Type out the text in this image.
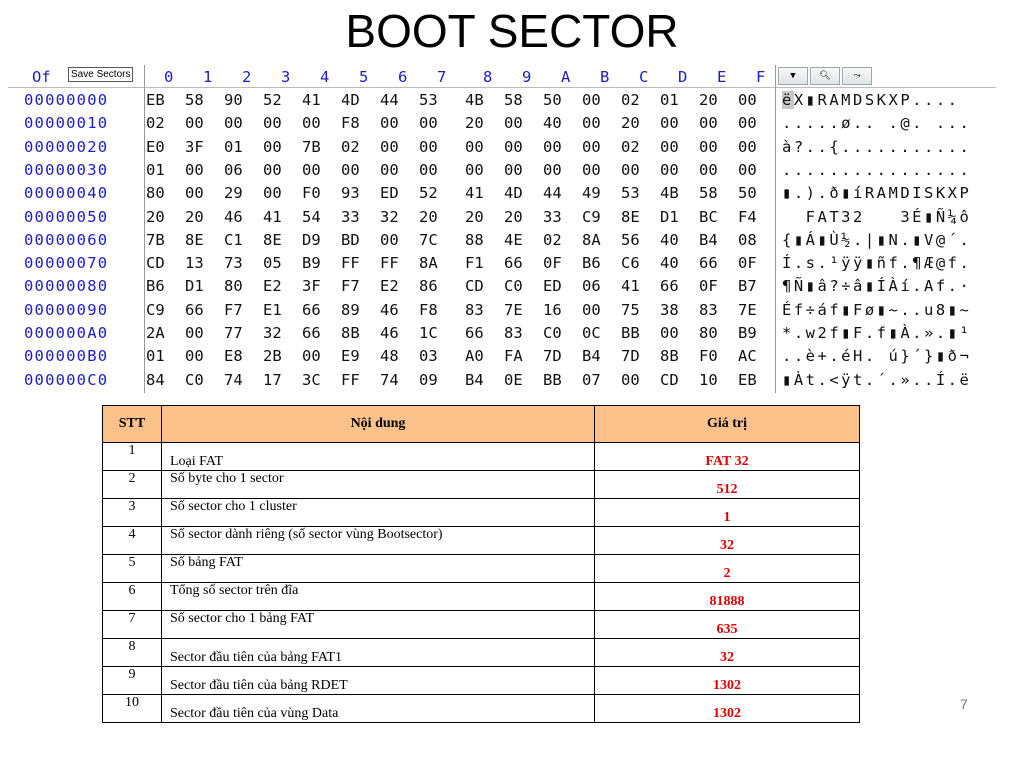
BOOT SECTOR
Of	Save Sectors 0 1 2 3 4 5 6 7 8 9 A B C D E F	▼	🔍︎	⤳
00000000 EB 58 90 52 41 4D 44 53 4B 58 50 00 02 01 20 00 ëX▮RAMDSKXP....
00000010 02 00 00 00 00 F8 00 00 20 00 40 00 20 00 00 00 .....ø.. .@. ...
00000020 E0 3F 01 00 7B 02 00 00 00 00 00 00 02 00 00 00 à?..{...........
00000030 01 00 06 00 00 00 00 00 00 00 00 00 00 00 00 00 ................
00000040 80 00 29 00 F0 93 ED 52 41 4D 44 49 53 4B 58 50 ▮.).ð▮íRAMDISKXP
00000050 20 20 46 41 54 33 32 20 20 20 33 C9 8E D1 BC F4 FAT32   3É▮Ñ¼ô
00000060 7B 8E C1 8E D9 BD 00 7C 88 4E 02 8A 56 40 B4 08 {▮Á▮Ù½.|▮N.▮V@´.
00000070 CD 13 73 05 B9 FF FF 8A F1 66 0F B6 C6 40 66 0F Í.s.¹ÿÿ▮ñf.¶Æ@f.
00000080 B6 D1 80 E2 3F F7 E2 86 CD C0 ED 06 41 66 0F B7 ¶Ñ▮â?÷â▮ÍÀí.Af.·
00000090 C9 66 F7 E1 66 89 46 F8 83 7E 16 00 75 38 83 7E Éf÷áf▮Fø▮~..u8▮~
000000A0 2A 00 77 32 66 8B 46 1C 66 83 C0 0C BB 00 80 B9 *.w2f▮F.f▮À.».▮¹
000000B0 01 00 E8 2B 00 E9 48 03 A0 FA 7D B4 7D 8B F0 AC ..è+.éH. ú}´}▮ð¬
000000C0 84 C0 74 17 3C FF 74 09 B4 0E BB 07 00 CD 10 EB ▮Àt.<ÿt.´.»..Í.ë
STT	Nội dung	Giá trị
1	Loại FAT	FAT 32
2	Số byte cho 1 sector	512
3	Số sector cho 1 cluster	1
4	Số sector dành riêng (số sector vùng Bootsector)	32
5	Số bảng FAT	2
6	Tổng số sector trên đĩa	81888
7	Số sector cho 1 bảng FAT	635
8	Sector đầu tiên của bảng FAT1	32
9	Sector đầu tiên của bảng RDET	1302
10	Sector đầu tiên của vùng Data	1302
7
